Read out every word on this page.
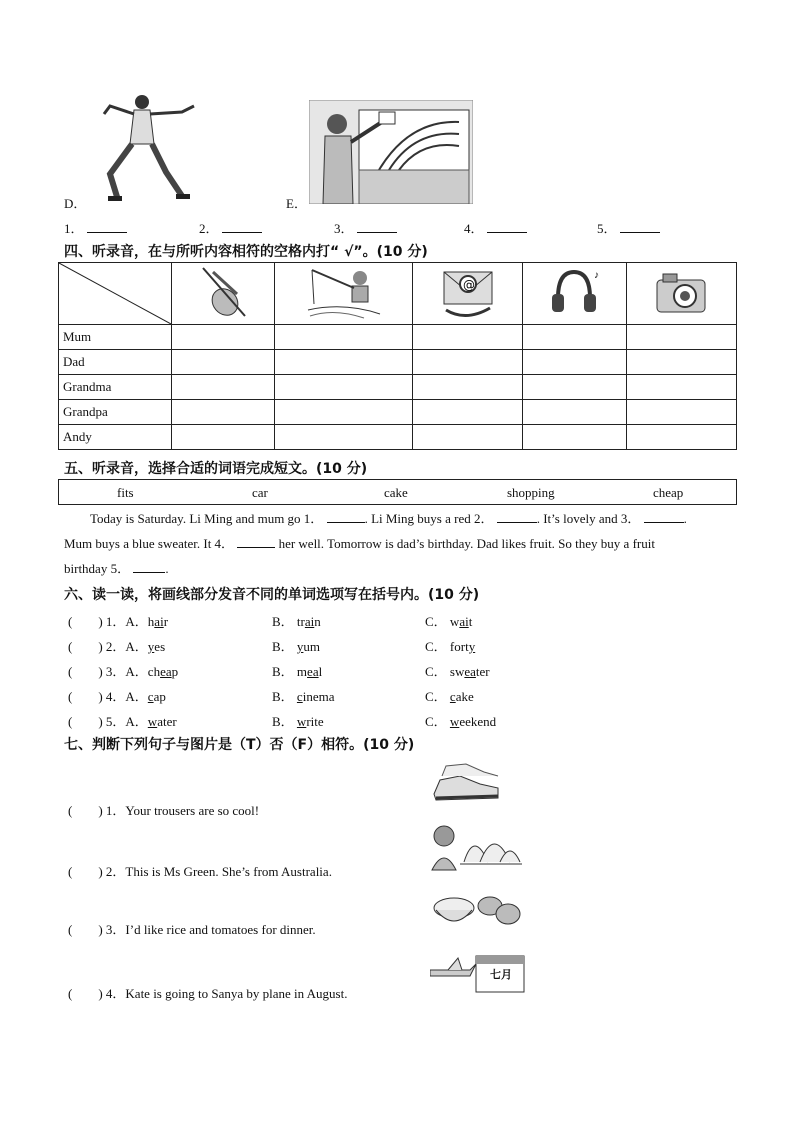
D．	E．
1．	2．	3．	4．	5．
四、听录音，在与所听内容相符的空格内打“ √”。(10 分)

@	♪

Mum					
Dad					
Grandma					
Grandpa					
Andy					
五、听录音，选择合适的词语完成短文。(10 分)
fits	car	cake	shopping	cheap
Today is Saturday. Li Ming and mum go 1．	. Li Ming buys a red 2．	. It’s lovely and 3．	.
Mum buys a blue sweater. It 4．	her well. Tomorrow is dad’s birthday. Dad likes fruit. So they buy a fruit
birthday 5．	.
六、读一读，将画线部分发音不同的单词选项写在括号内。(10 分)
(　　) 1．A．hair	B． train	C． wait
(　　) 2．A．yes	B． yum	C． forty
(　　) 3．A．cheap	B． meal	C． sweater
(　　) 4．A．cap	B． cinema	C． cake
(　　) 5．A．water	B． write	C． weekend
七、判断下列句子与图片是（T）否（F）相符。(10 分)
(　　) 1．Your trousers are so cool!
(　　) 2．This is Ms Green. She’s from Australia.
(　　) 3．I’d like rice and tomatoes for dinner.
(　　) 4．Kate is going to Sanya by plane in August.
七月
